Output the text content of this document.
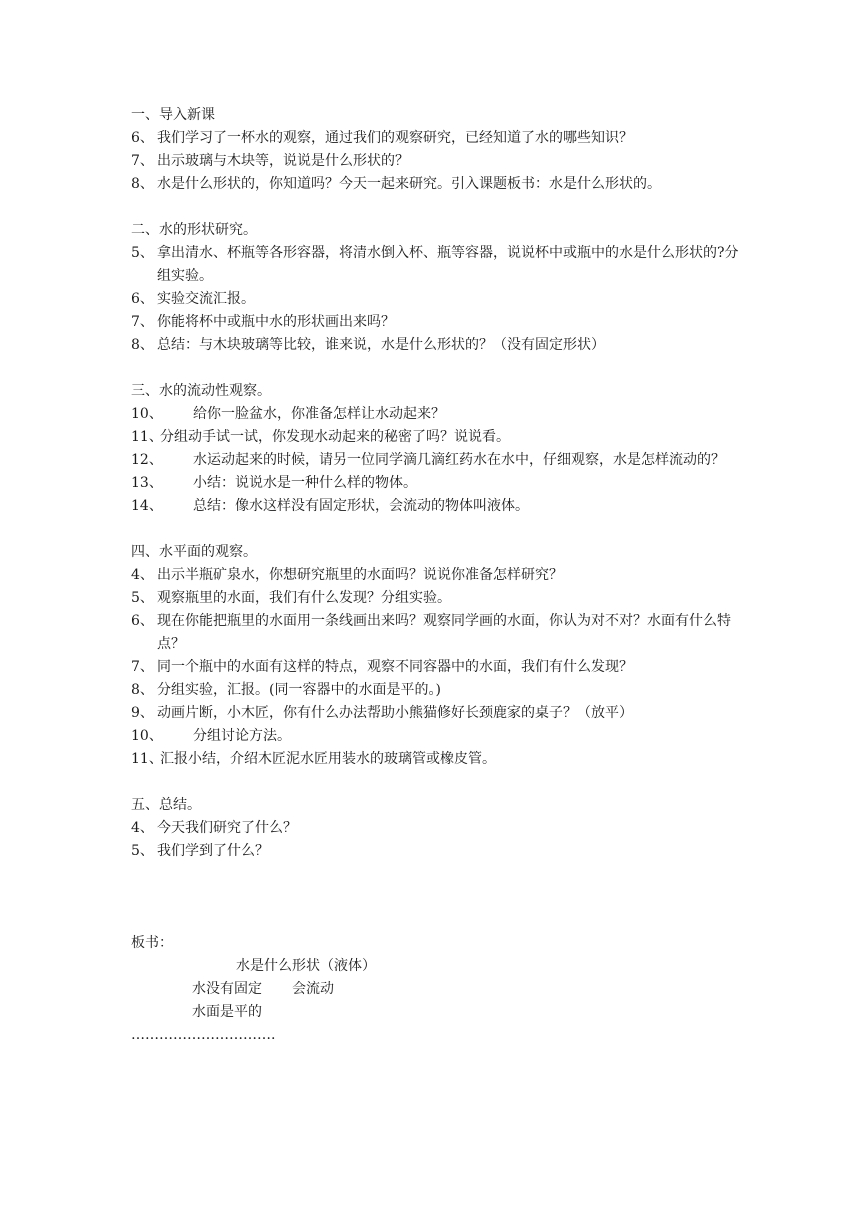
一、导入新课
6、 我们学习了一杯水的观察，通过我们的观察研究，已经知道了水的哪些知识？
7、 出示玻璃与木块等，说说是什么形状的？
8、 水是什么形状的，你知道吗？今天一起来研究。引入课题板书：水是什么形状的。
二、水的形状研究。
5、 拿出清水、杯瓶等各形容器，将清水倒入杯、瓶等容器，说说杯中或瓶中的水是什么形状的?分组实验。
6、 实验交流汇报。
7、 你能将杯中或瓶中水的形状画出来吗？
8、 总结：与木块玻璃等比较，谁来说，水是什么形状的？（没有固定形状）
三、水的流动性观察。
10、	给你一脸盆水，你准备怎样让水动起来？
11、
分组动手试一试，你发现水动起来的秘密了吗？说说看。
12、	水运动起来的时候，请另一位同学滴几滴红药水在水中，仔细观察，水是怎样流动的？
13、	小结：说说水是一种什么样的物体。
14、	总结：像水这样没有固定形状，会流动的物体叫液体。
四、水平面的观察。
4、 出示半瓶矿泉水，你想研究瓶里的水面吗？说说你准备怎样研究？
5、 观察瓶里的水面，我们有什么发现？分组实验。
6、 现在你能把瓶里的水面用一条线画出来吗？观察同学画的水面，你认为对不对？水面有什么特点？
7、 同一个瓶中的水面有这样的特点，观察不同容器中的水面，我们有什么发现？
8、 分组实验，汇报。(同一容器中的水面是平的。)
9、 动画片断，小木匠，你有什么办法帮助小熊猫修好长颈鹿家的桌子？（放平）
10、	分组讨论方法。
11、
汇报小结，介绍木匠泥水匠用装水的玻璃管或橡皮管。
五、总结。
4、 今天我们研究了什么？
5、 我们学到了什么？
板书：
水是什么形状（液体）
水没有固定 会流动
水面是平的
………………………….
